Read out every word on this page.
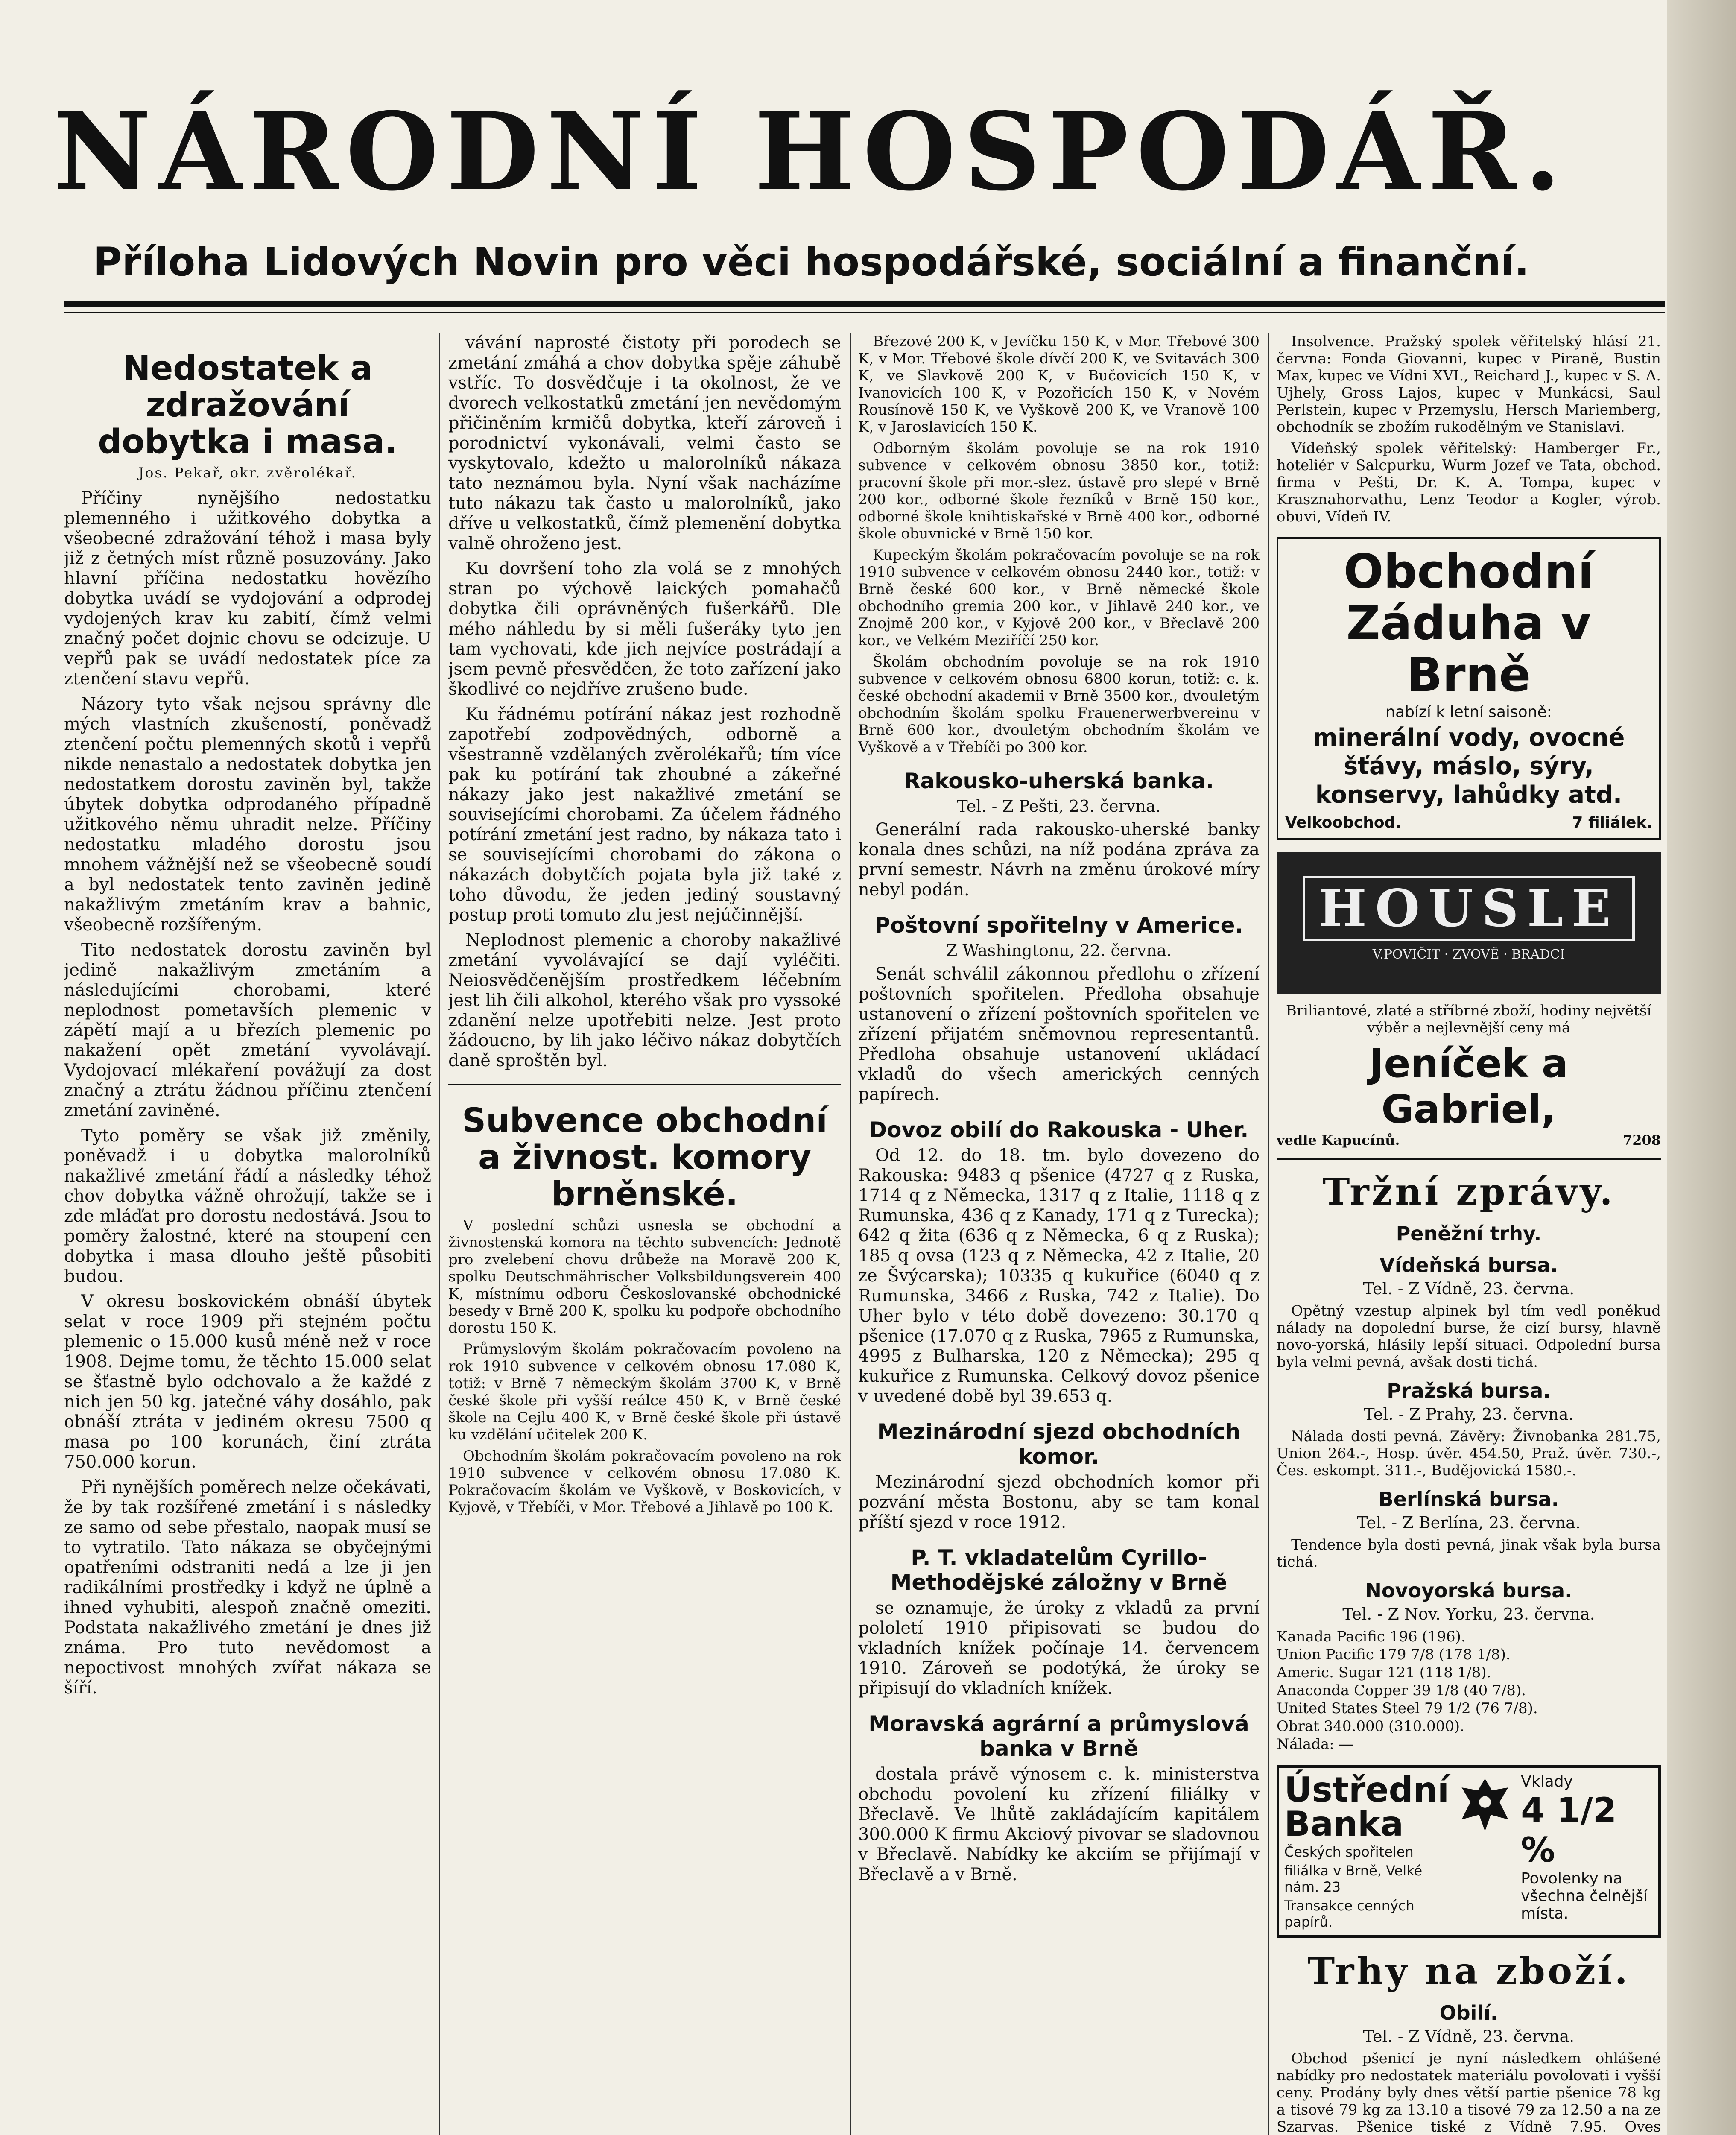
NÁRODNÍ HOSPODÁŘ.
Příloha Lidových Novin pro věci hospodářské, sociální a finanční.
Nedostatek a zdražování dobytka i masa.
Jos. Pekař, okr. zvěrolékař.

Příčiny nynějšího nedostatku plemenného i užitkového dobytka a všeobecné zdražování téhož i masa byly již z četných míst různě posuzovány. Jako hlavní příčina nedostatku hovězího dobytka uvádí se vydojování a odprodej vydojených krav ku zabití, čímž velmi značný počet dojnic chovu se odcizuje. U vepřů pak se uvádí nedostatek píce za ztenčení stavu vepřů.

Názory tyto však nejsou správny dle mých vlastních zkušeností, poněvadž ztenčení počtu plemenných skotů i vepřů nikde nenastalo a nedostatek dobytka jen nedostatkem dorostu zaviněn byl, takže úbytek dobytka odprodaného případně užitkového němu uhradit nelze. Příčiny nedostatku mladého dorostu jsou mnohem vážnější než se všeobecně soudí a byl nedostatek tento zaviněn jedině nakažlivým zmetáním krav a bahnic, všeobecně rozšířeným.

Tito nedostatek dorostu zaviněn byl jedině nakažlivým zmetáním a následujícími chorobami, které neplodnost pometavších plemenic v zápětí mají a u březích plemenic po nakažení opět zmetání vyvolávají. Vydojovací mlékaření povážují za dost značný a ztrátu žádnou příčinu ztenčení zmetání zaviněné.

Tyto poměry se však již změnily, poněvadž i u dobytka malorolníků nakažlivé zmetání řádí a následky téhož chov dobytka vážně ohrožují, takže se i zde mláďat pro dorostu nedostává. Jsou to poměry žalostné, které na stoupení cen dobytka i masa dlouho ještě působiti budou.

V okresu boskovickém obnáší úbytek selat v roce 1909 při stejném počtu plemenic o 15.000 kusů méně než v roce 1908. Dejme tomu, že těchto 15.000 selat se šťastně bylo odchovalo a že každé z nich jen 50 kg. jatečné váhy dosáhlo, pak obnáší ztráta v jediném okresu 7500 q masa po 100 korunách, činí ztráta 750.000 korun.

Při nynějších poměrech nelze očekávati, že by tak rozšířené zmetání i s následky ze samo od sebe přestalo, naopak musí se to vytratilo. Tato nákaza se obyčejnými opatřeními odstraniti nedá a lze ji jen radikálními prostředky i když ne úplně a ihned vyhubiti, alespoň značně omeziti. Podstata nakažlivého zmetání je dnes již známa. Pro tuto nevědomost a nepoctivost mnohých zvířat nákaza se šíří.

vávání naprosté čistoty při porodech se zmetání zmáhá a chov dobytka spěje záhubě vstříc. To dosvědčuje i ta okolnost, že ve dvorech velkostatků zmetání jen nevědomým přičiněním krmičů dobytka, kteří zároveň i porodnictví vykonávali, velmi často se vyskytovalo, kdežto u malorolníků nákaza tato neznámou byla. Nyní však nacházíme tuto nákazu tak často u malorolníků, jako dříve u velkostatků, čímž plemenění dobytka valně ohroženo jest.

Ku dovršení toho zla volá se z mnohých stran po výchově laických pomahačů dobytka čili oprávněných fušerkářů. Dle mého náhledu by si měli fušeráky tyto jen tam vychovati, kde jich nejvíce postrádají a jsem pevně přesvědčen, že toto zařízení jako škodlivé co nejdříve zrušeno bude.

Ku řádnému potírání nákaz jest rozhodně zapotřebí zodpovědných, odborně a všestranně vzdělaných zvěrolékařů; tím více pak ku potírání tak zhoubné a zákeřné nákazy jako jest nakažlivé zmetání se souvisejícími chorobami. Za účelem řádného potírání zmetání jest radno, by nákaza tato i se souvisejícími chorobami do zákona o nákazách dobytčích pojata byla již také z toho důvodu, že jeden jediný soustavný postup proti tomuto zlu jest nejúčinnější.

Neplodnost plemenic a choroby nakažlivé zmetání vyvolávající se dají vyléčiti. Neiosvědčenějším prostředkem léčebním jest lih čili alkohol, kterého však pro vyssoké zdanění nelze upotřebiti nelze. Jest proto žádoucno, by lih jako léčivo nákaz dobytčích daně sproštěn byl.

Subvence obchodní a živnost. komory brněnské.

V poslední schůzi usnesla se obchodní a živnostenská komora na těchto subvencích: Jednotě pro zvelebení chovu drůbeže na Moravě 200 K, spolku Deutschmährischer Volksbildungsverein 400 K, místnímu odboru Českoslovanské obchodnické besedy v Brně 200 K, spolku ku podpoře obchodního dorostu 150 K.

Průmyslovým školám pokračovacím povoleno na rok 1910 subvence v celkovém obnosu 17.080 K, totiž: v Brně 7 německým školám 3700 K, v Brně české škole při vyšší reálce 450 K, v Brně české škole na Cejlu 400 K, v Brně české škole při ústavě ku vzdělání učitelek 200 K.

Obchodním školám pokračovacím povoleno na rok 1910 subvence v celkovém obnosu 17.080 K. Pokračovacím školám ve Vyškově, v Boskovicích, v Kyjově, v Třebíči, v Mor. Třebové a Jihlavě po 100 K.

Březové 200 K, v Jevíčku 150 K, v Mor. Třebové 300 K, v Mor. Třebové škole dívčí 200 K, ve Svitavách 300 K, ve Slavkově 200 K, v Bučovicích 150 K, v Ivanovicích 100 K, v Pozořicích 150 K, v Novém Rousínově 150 K, ve Vyškově 200 K, ve Vranově 100 K, v Jaroslavicích 150 K.

Odborným školám povoluje se na rok 1910 subvence v celkovém obnosu 3850 kor., totiž: pracovní škole při mor.-slez. ústavě pro slepé v Brně 200 kor., odborné škole řezníků v Brně 150 kor., odborné škole knihtiskařské v Brně 400 kor., odborné škole obuvnické v Brně 150 kor.

Kupeckým školám pokračovacím povoluje se na rok 1910 subvence v celkovém obnosu 2440 kor., totiž: v Brně české 600 kor., v Brně německé škole obchodního gremia 200 kor., v Jihlavě 240 kor., ve Znojmě 200 kor., v Kyjově 200 kor., v Břeclavě 200 kor., ve Velkém Meziříčí 250 kor.

Školám obchodním povoluje se na rok 1910 subvence v celkovém obnosu 6800 korun, totiž: c. k. české obchodní akademii v Brně 3500 kor., dvouletým obchodním školám spolku Frauenerwerbvereinu v Brně 600 kor., dvouletým obchodním školám ve Vyškově a v Třebíči po 300 kor.

Rakousko-uherská banka.
Tel. - Z Pešti, 23. června.

Generální rada rakousko-uherské banky konala dnes schůzi, na níž podána zpráva za první semestr. Návrh na změnu úrokové míry nebyl podán.

Poštovní spořitelny v Americe.
Z Washingtonu, 22. června.

Senát schválil zákonnou předlohu o zřízení poštovních spořitelen. Předloha obsahuje ustanovení o zřízení poštovních spořitelen ve zřízení přijatém sněmovnou representantů. Předloha obsahuje ustanovení ukládací vkladů do všech amerických cenných papírech.

Dovoz obilí do Rakouska - Uher.

Od 12. do 18. tm. bylo dovezeno do Rakouska: 9483 q pšenice (4727 q z Ruska, 1714 q z Německa, 1317 q z Italie, 1118 q z Rumunska, 436 q z Kanady, 171 q z Turecka); 642 q žita (636 q z Německa, 6 q z Ruska); 185 q ovsa (123 q z Německa, 42 z Italie, 20 ze Švýcarska); 10335 q kukuřice (6040 q z Rumunska, 3466 z Ruska, 742 z Italie). Do Uher bylo v této době dovezeno: 30.170 q pšenice (17.070 q z Ruska, 7965 z Rumunska, 4995 z Bulharska, 120 z Německa); 295 q kukuřice z Rumunska. Celkový dovoz pšenice v uvedené době byl 39.653 q.

Mezinárodní sjezd obchodních komor.

Mezinárodní sjezd obchodních komor při pozvání města Bostonu, aby se tam konal příští sjezd v roce 1912.

P. T. vkladatelům Cyrillo-Methodějské záložny v Brně

se oznamuje, že úroky z vkladů za první pololetí 1910 připisovati se budou do vkladních knížek počínaje 14. červencem 1910. Zároveň se podotýká, že úroky se připisují do vkladních knížek.

Moravská agrární a průmyslová banka v Brně

dostala právě výnosem c. k. ministerstva obchodu povolení ku zřízení filiálky v Břeclavě. Ve lhůtě zakládajícím kapitálem 300.000 K firmu Akciový pivovar se sladovnou v Břeclavě. Nabídky ke akciím se přijímají v Břeclavě a v Brně.

Insolvence. Pražský spolek věřitelský hlásí 21. června: Fonda Giovanni, kupec v Piraně, Bustin Max, kupec ve Vídni XVI., Reichard J., kupec v S. A. Ujhely, Gross Lajos, kupec v Munkácsi, Saul Perlstein, kupec v Przemyslu, Hersch Mariemberg, obchodník se zbožím rukodělným ve Stanislavi.

Vídeňský spolek věřitelský: Hamberger Fr., hoteliér v Salcpurku, Wurm Jozef ve Tata, obchod. firma v Pešti, Dr. K. A. Tompa, kupec v Krasznahorvathu, Lenz Teodor a Kogler, výrob. obuvi, Vídeň IV.

Obchodní Záduha v Brně
nabízí k letní saisoně:
minerální vody, ovocné šťávy, máslo, sýry, konservy, lahůdky atd.
Velkoobchod.	7 filiálek.
HOUSLE
V.POVIČIT · ZVOVĚ · BRADCI
Briliantové, zlaté a stříbrné zboží, hodiny největší výběr a nejlevnější ceny má
Jeníček a Gabriel,
vedle Kapucínů.	7208
Tržní zprávy.
Peněžní trhy.
Vídeňská bursa.
Tel. - Z Vídně, 23. června.

Opětný vzestup alpinek byl tím vedl poněkud nálady na dopolední burse, že cizí bursy, hlavně novo-yorská, hlásily lepší situaci. Odpolední bursa byla velmi pevná, avšak dosti tichá.

Pražská bursa.
Tel. - Z Prahy, 23. června.

Nálada dosti pevná. Závěry: Živnobanka 281.75, Union 264.-, Hosp. úvěr. 454.50, Praž. úvěr. 730.-, Čes. eskompt. 311.-, Budějovická 1580.-.

Berlínská bursa.
Tel. - Z Berlína, 23. června.

Tendence byla dosti pevná, jinak však byla bursa tichá.

Novoyorská bursa.
Tel. - Z Nov. Yorku, 23. června.
Kanada Pacific 196 (196).
Union Pacific 179 7/8 (178 1/8).
Americ. Sugar 121 (118 1/8).
Anaconda Copper 39 1/8 (40 7/8).
United States Steel 79 1/2 (76 7/8).
Obrat 340.000 (310.000).
Nálada: —
Ústřední Banka
Českých spořitelen
filiálka v Brně, Velké nám. 23
Transakce cenných papírů.
Vklady
4 1/2 %
Povolenky na všechna čelnější místa.
Trhy na zboží.
Obilí.
Tel. - Z Vídně, 23. června.

Obchod pšenicí je nyní následkem ohlášené nabídky pro nedostatek materiálu povolovati i vyšší ceny. Prodány byly dnes větší partie pšenice 78 kg a tisové 79 kg za 13.10 a tisové 79 za 12.50 a na ze Szarvas. Pšenice tiské z Vídně 7.95. Oves
